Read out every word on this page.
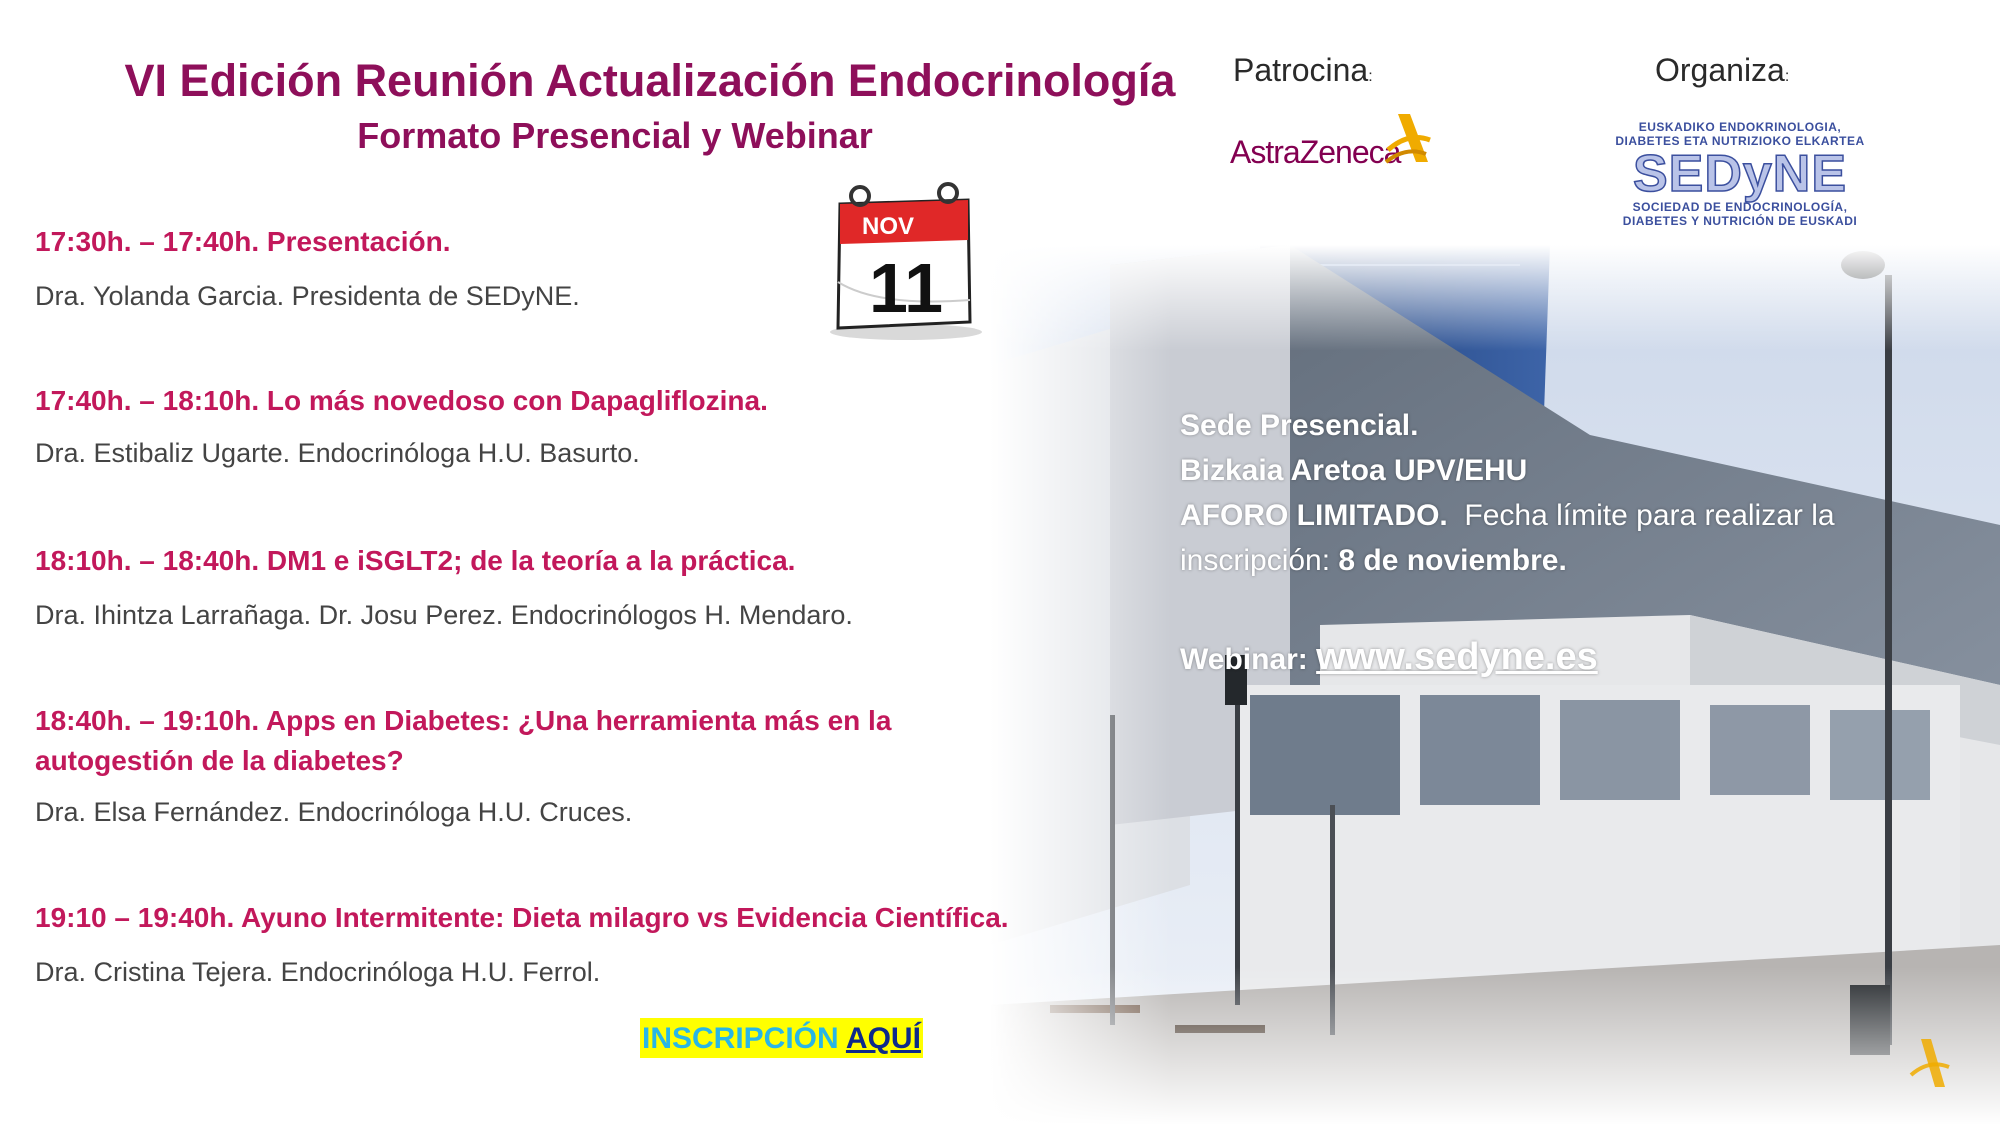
VI Edición Reunión Actualización Endocrinología
Formato Presencial y Webinar
Patrocina:
AstraZeneca
Organiza:
EUSKADIKO ENDOKRINOLOGIA,
DIABETES ETA NUTRIZIOKO ELKARTEA
SEDyNE
SOCIEDAD DE ENDOCRINOLOGÍA,
DIABETES Y NUTRICIÓN DE EUSKADI
NOV
11
17:30h. – 17:40h. Presentación.
Dra. Yolanda Garcia. Presidenta de SEDyNE.
17:40h. – 18:10h. Lo más novedoso con Dapagliflozina.
Dra. Estibaliz Ugarte. Endocrinóloga H.U. Basurto.
18:10h. – 18:40h. DM1 e iSGLT2; de la teoría a la práctica.
Dra. Ihintza Larrañaga. Dr. Josu Perez. Endocrinólogos H. Mendaro.
18:40h. – 19:10h. Apps en Diabetes: ¿Una herramienta más en la
autogestión de la diabetes?
Dra. Elsa Fernández. Endocrinóloga H.U. Cruces.
19:10 – 19:40h. Ayuno Intermitente: Dieta milagro vs Evidencia Científica.
Dra. Cristina Tejera. Endocrinóloga H.U. Ferrol.
Sede Presencial.
Bizkaia Aretoa UPV/EHU
AFORO LIMITADO. Fecha límite para realizar la inscripción: 8 de noviembre.
Webinar: www.sedyne.es
INSCRIPCIÓN AQUÍ
